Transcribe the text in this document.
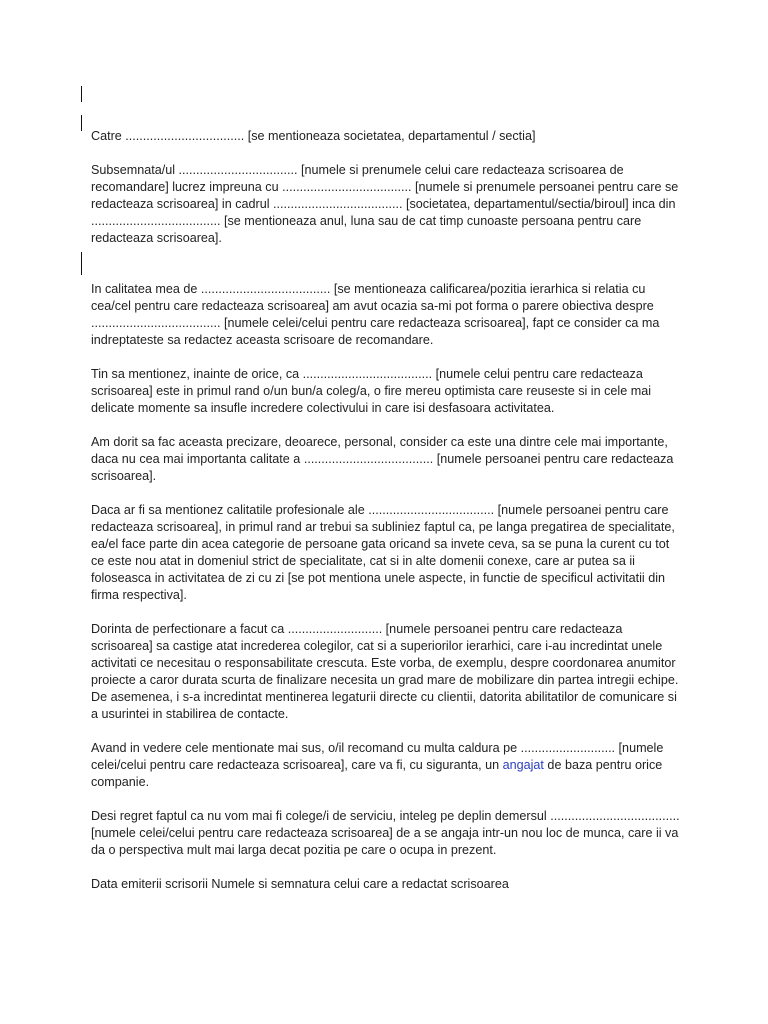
Catre .................................. [se mentioneaza societatea, departamentul / sectia]

Subsemnata/ul .................................. [numele si prenumele celui care redacteaza scrisoarea de recomandare] lucrez impreuna cu ..................................... [numele si prenumele persoanei pentru care se redacteaza scrisoarea] in cadrul ..................................... [societatea, departamentul/sectia/biroul] inca din ..................................... [se mentioneaza anul, luna sau de cat timp cunoaste persoana pentru care redacteaza scrisoarea].

In calitatea mea de ..................................... [se mentioneaza calificarea/pozitia ierarhica si relatia cu cea/cel pentru care redacteaza scrisoarea] am avut ocazia sa-mi pot forma o parere obiectiva despre ..................................... [numele celei/celui pentru care redacteaza scrisoarea], fapt ce consider ca ma indreptateste sa redactez aceasta scrisoare de recomandare.

Tin sa mentionez, inainte de orice, ca ..................................... [numele celui pentru care redacteaza scrisoarea] este in primul rand o/un bun/a coleg/a, o fire mereu optimista care reuseste si in cele mai delicate momente sa insufle incredere colectivului in care isi desfasoara activitatea.

Am dorit sa fac aceasta precizare, deoarece, personal, consider ca este una dintre cele mai importante, daca nu cea mai importanta calitate a ..................................... [numele persoanei pentru care redacteaza scrisoarea].

Daca ar fi sa mentionez calitatile profesionale ale .................................... [numele persoanei pentru care redacteaza scrisoarea], in primul rand ar trebui sa subliniez faptul ca, pe langa pregatirea de specialitate, ea/el face parte din acea categorie de persoane gata oricand sa invete ceva, sa se puna la curent cu tot ce este nou atat in domeniul strict de specialitate, cat si in alte domenii conexe, care ar putea sa ii foloseasca in activitatea de zi cu zi [se pot mentiona unele aspecte, in functie de specificul activitatii din firma respectiva].

Dorinta de perfectionare a facut ca ........................... [numele persoanei pentru care redacteaza scrisoarea] sa castige atat increderea colegilor, cat si a superiorilor ierarhici, care i-au incredintat unele activitati ce necesitau o responsabilitate crescuta. Este vorba, de exemplu, despre coordonarea anumitor proiecte a caror durata scurta de finalizare necesita un grad mare de mobilizare din partea intregii echipe.

De asemenea, i s-a incredintat mentinerea legaturii directe cu clientii, datorita abilitatilor de comunicare si a usurintei in stabilirea de contacte.

Avand in vedere cele mentionate mai sus, o/il recomand cu multa caldura pe ........................... [numele celei/celui pentru care redacteaza scrisoarea], care va fi, cu siguranta, un angajat de baza pentru orice companie.

Desi regret faptul ca nu vom mai fi colege/i de serviciu, inteleg pe deplin demersul ..................................... [numele celei/celui pentru care redacteaza scrisoarea] de a se angaja intr-un nou loc de munca, care ii va da o perspectiva mult mai larga decat pozitia pe care o ocupa in prezent.

Data emiterii scrisorii Numele si semnatura celui care a redactat scrisoarea
